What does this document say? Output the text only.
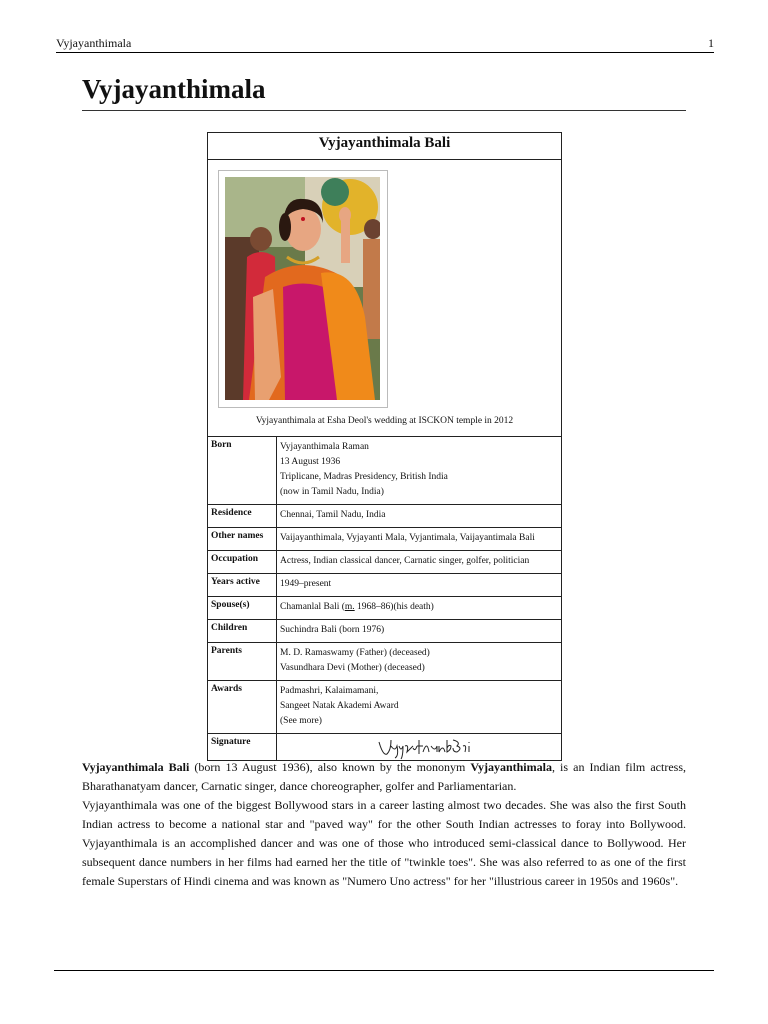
Vyjayanthimala	1
Vyjayanthimala
Vyjayanthimala Bali	

Vyjayanthimala at Esha Deol's wedding at ISCKON temple in 2012	

Born	Vyjayanthimala Raman
13 August 1936
Triplicane, Madras Presidency, British India
(now in Tamil Nadu, India)

Residence	Chennai, Tamil Nadu, India
Other names	Vaijayanthimala, Vyjayanti Mala, Vyjantimala, Vaijayantimala Bali
Occupation	Actress, Indian classical dancer, Carnatic singer, golfer, politician
Years active	1949–present
Spouse(s)	Chamanlal Bali (m. 1968–86)(his death)
Children	Suchindra Bali (born 1976)
Parents	M. D. Ramaswamy (Father) (deceased)
Vasundhara Devi (Mother) (deceased)

Awards	Padmashri, Kalaimamani,
Sangeet Natak Akademi Award
(See more)

Signature	

Vyjayanthimala Bali (born 13 August 1936), also known by the mononym Vyjayanthimala, is an Indian film actress, Bharathanatyam dancer, Carnatic singer, dance choreographer, golfer and Parliamentarian.

Vyjayanthimala was one of the biggest Bollywood stars in a career lasting almost two decades. She was also the first South Indian actress to become a national star and "paved way" for the other South Indian actresses to foray into Bollywood. Vyjayanthimala is an accomplished dancer and was one of those who introduced semi-classical dance to Bollywood. Her subsequent dance numbers in her films had earned her the title of "twinkle toes". She was also referred to as one of the first female Superstars of Hindi cinema and was known as "Numero Uno actress" for her "illustrious career in 1950s and 1960s".
